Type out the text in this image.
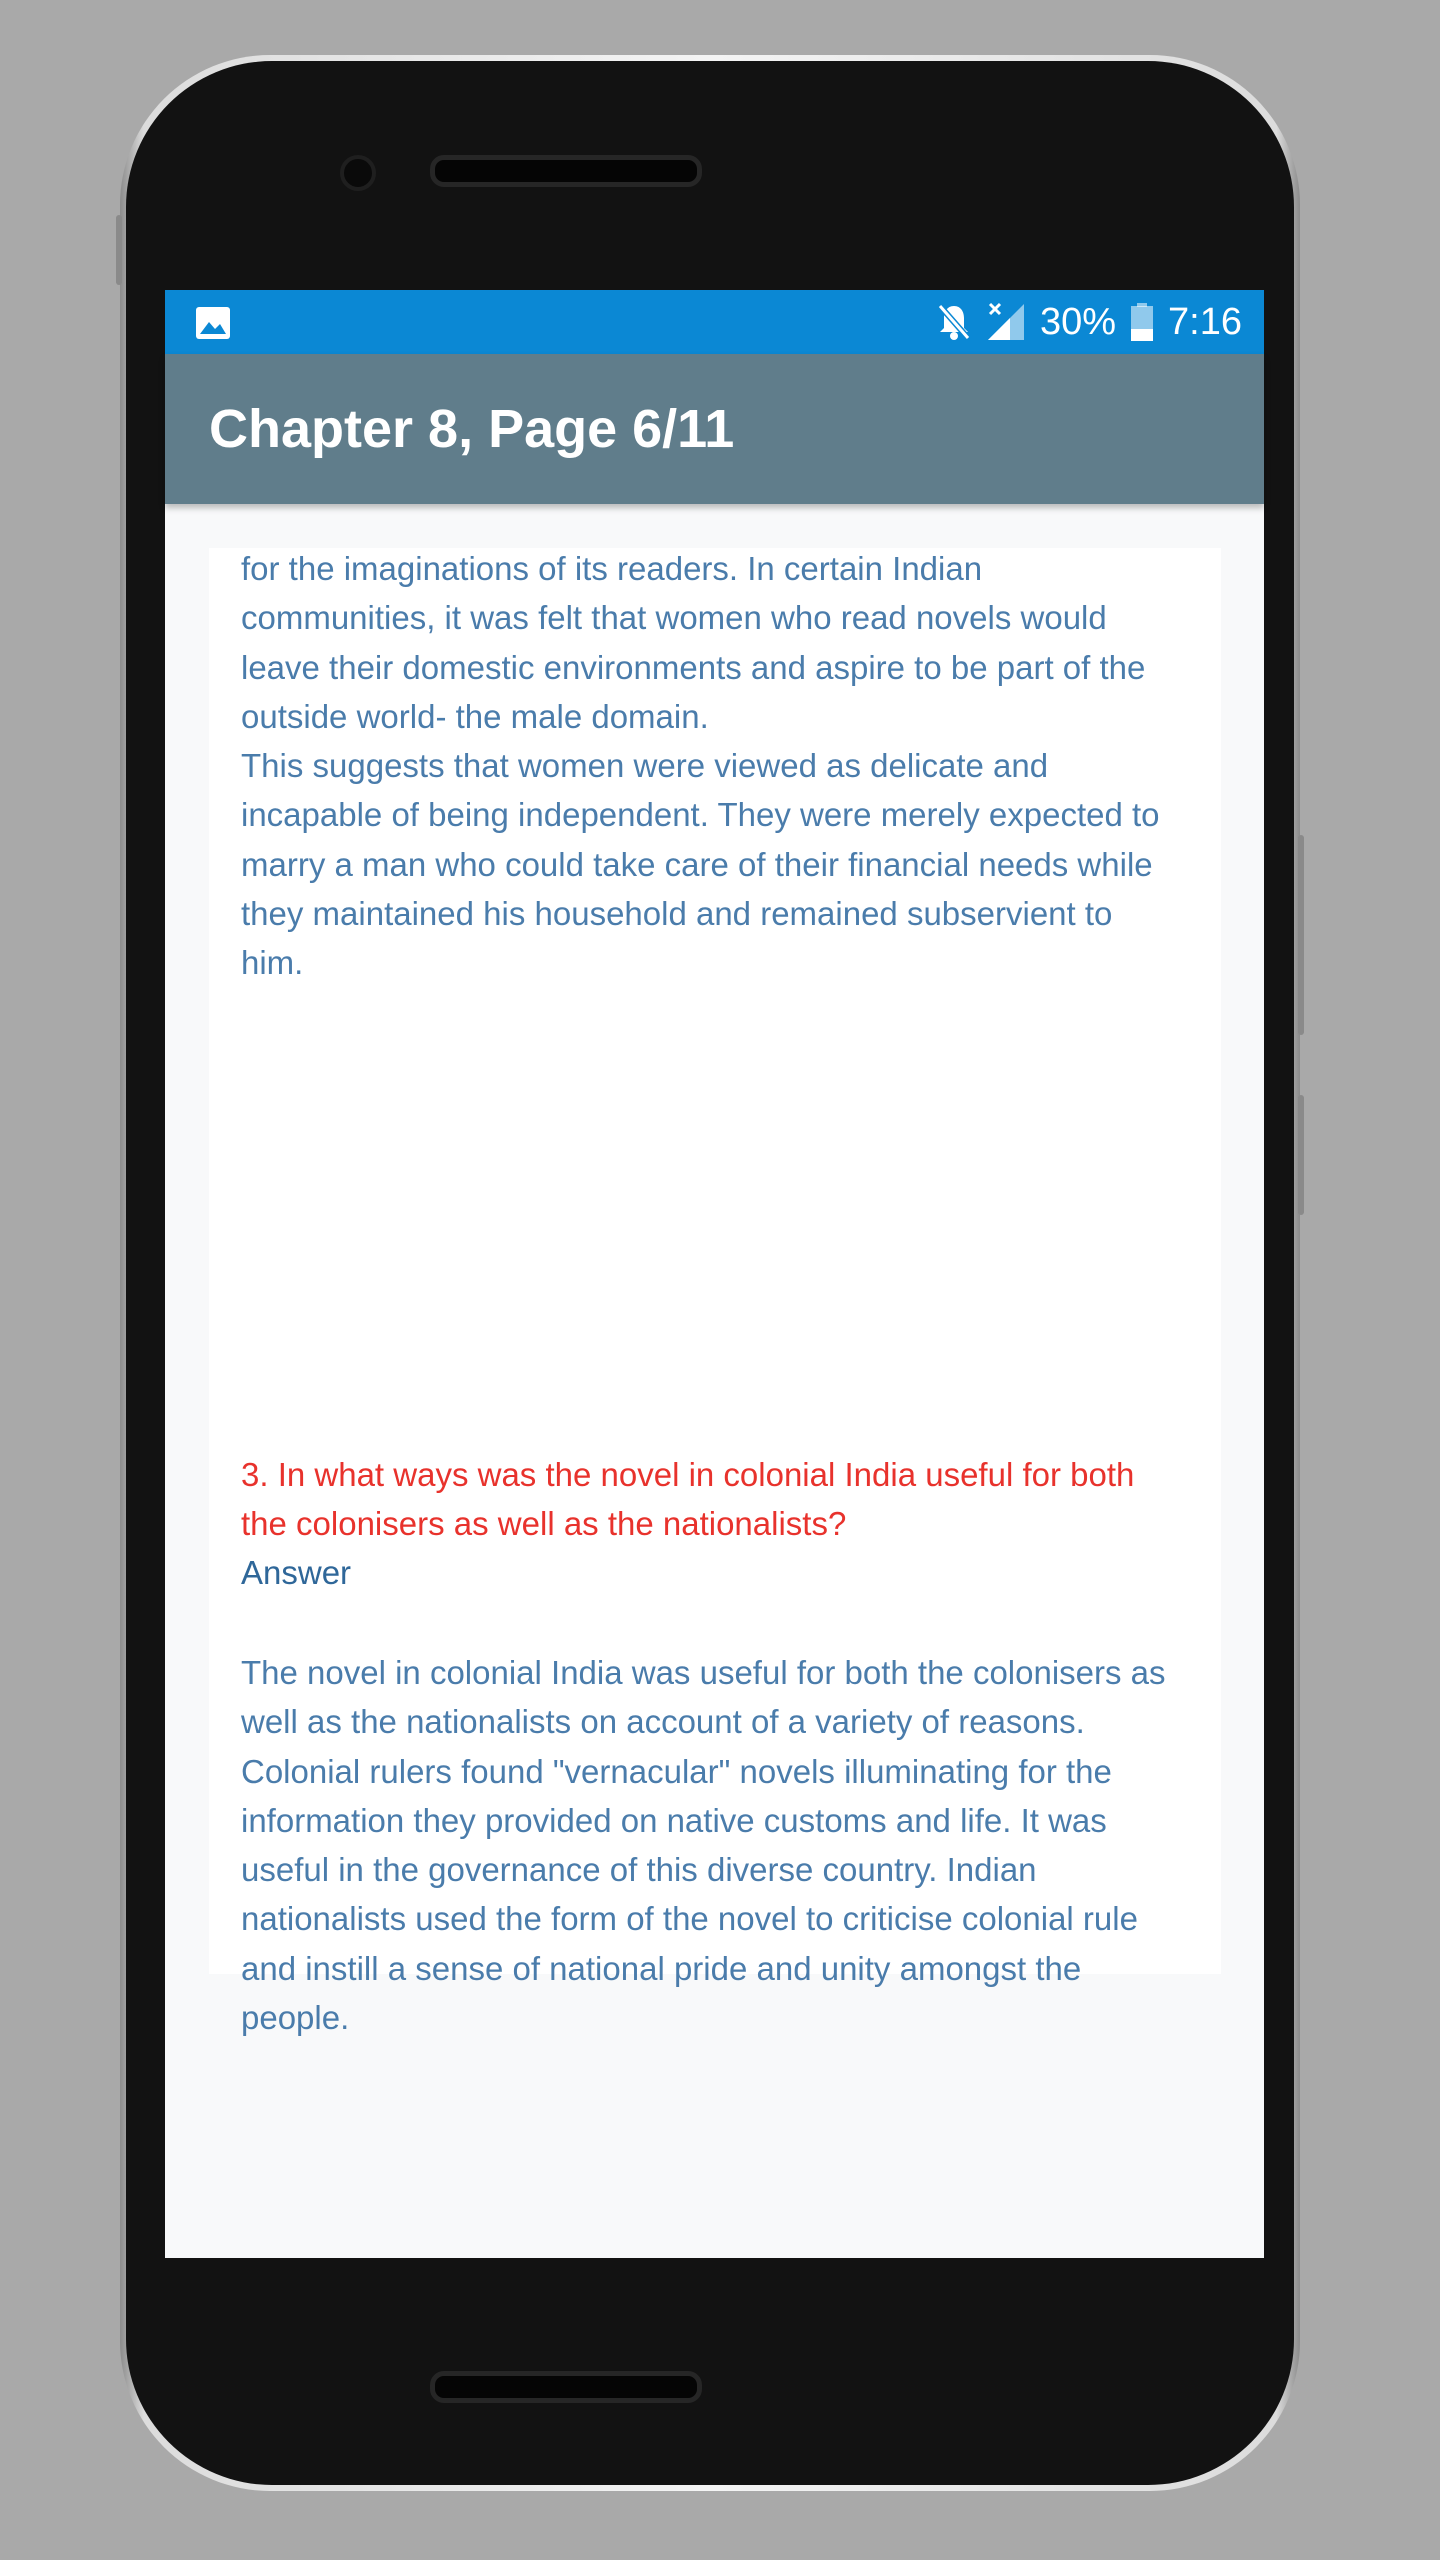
30% 7:16
Chapter 8, Page 6/11
for the imaginations of its readers. In certain Indian
communities, it was felt that women who read novels would
leave their domestic environments and aspire to be part of the
outside world- the male domain.
This suggests that women were viewed as delicate and
incapable of being independent. They were merely expected to
marry a man who could take care of their financial needs while
they maintained his household and remained subservient to
him.
3. In what ways was the novel in colonial India useful for both
the colonisers as well as the nationalists?
Answer
The novel in colonial India was useful for both the colonisers as
well as the nationalists on account of a variety of reasons.
Colonial rulers found "vernacular" novels illuminating for the
information they provided on native customs and life. It was
useful in the governance of this diverse country. Indian
nationalists used the form of the novel to criticise colonial rule
and instill a sense of national pride and unity amongst the
people.
